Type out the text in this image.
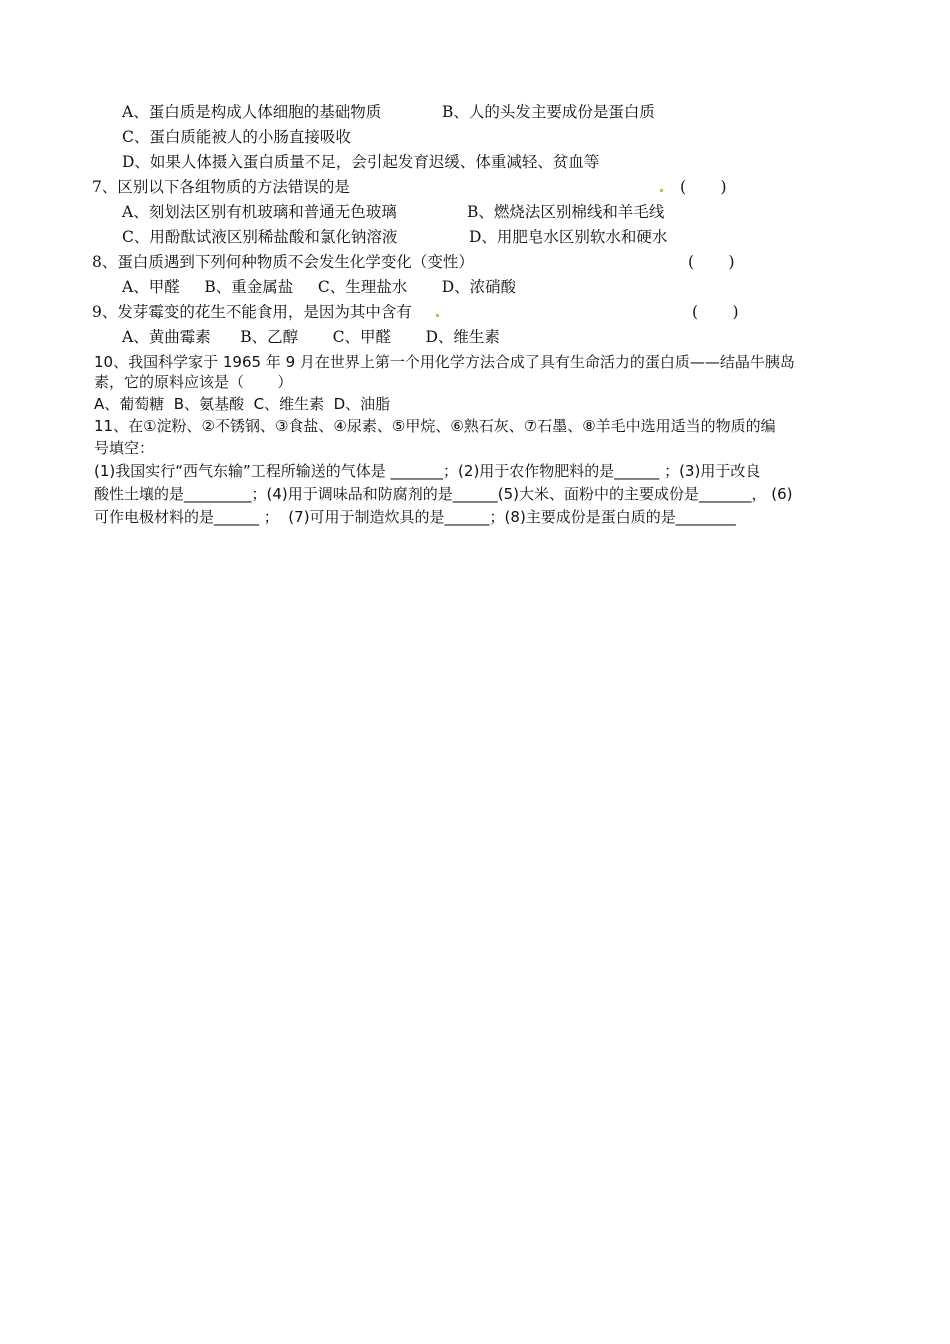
A、蛋白质是构成人体细胞的基础物质	B、人的头发主要成份是蛋白质
C、蛋白质能被人的小肠直接吸收
D、如果人体摄入蛋白质量不足，会引起发育迟缓、体重减轻、贫血等
7、区别以下各组物质的方法错误的是	(       )
A、刻划法区别有机玻璃和普通无色玻璃	B、燃烧法区别棉线和羊毛线
C、用酚酞试液区别稀盐酸和氯化钠溶液	D、用肥皂水区别软水和硬水
8、蛋白质遇到下列何种物质不会发生化学变化（变性）	(       )
A、甲醛     B、重金属盐     C、生理盐水       D、浓硝酸
9、发芽霉变的花生不能食用，是因为其中含有	(       )
A、黄曲霉素      B、乙醇       C、甲醛       D、维生素
10、我国科学家于 1965 年 9 月在世界上第一个用化学方法合成了具有生命活力的蛋白质——结晶牛胰岛
素，它的原料应该是（       ）
A、葡萄糖  B、氨基酸  C、维生素  D、油脂
11、在①淀粉、②不锈钢、③食盐、④尿素、⑤甲烷、⑥熟石灰、⑦石墨、⑧羊毛中选用适当的物质的编
号填空：
(1)我国实行“西气东输”工程所输送的气体是 _______；(2)用于农作物肥料的是______ ；(3)用于改良
酸性土壤的是_________；(4)用于调味品和防腐剂的是______(5)大米、面粉中的主要成份是_______， (6)
可作电极材料的是______ ；  (7)可用于制造炊具的是______；(8)主要成份是蛋白质的是________
